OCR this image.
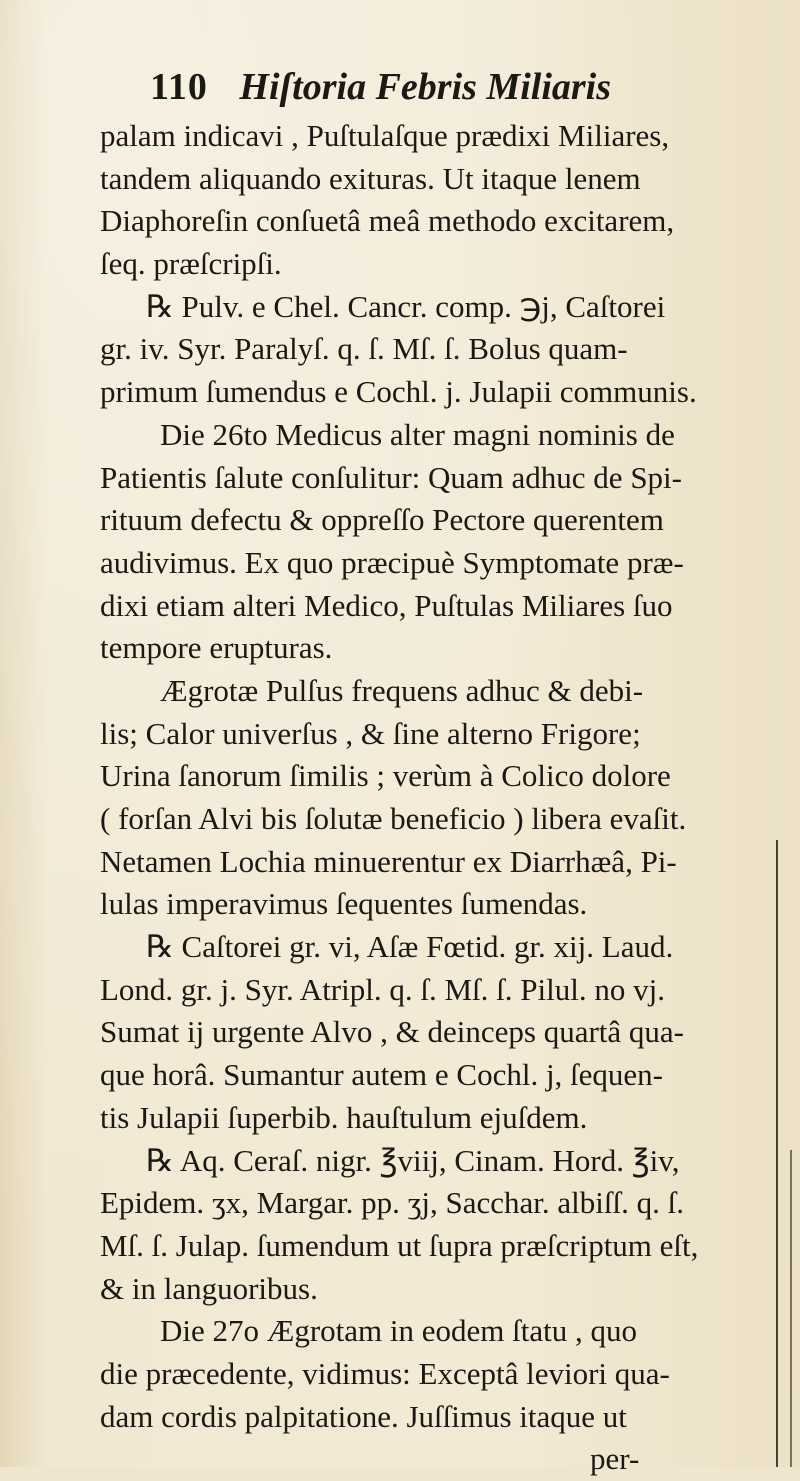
110 Hiſtoria Febris Miliaris
palam indicavi , Puſtulaſque prædixi Miliares,
tandem aliquando exituras. Ut itaque lenem
Diaphoreſin conſuetâ meâ methodo excitarem,
ſeq. præſcripſi.
℞ Pulv. e Chel. Cancr. comp. ℈j, Caſtorei
gr. iv. Syr. Paralyſ. q. ſ. Mſ. ſ. Bolus quam-
primum ſumendus e Cochl. j. Julapii communis.
Die 26to Medicus alter magni nominis de
Patientis ſalute conſulitur: Quam adhuc de Spi-
rituum defectu & oppreſſo Pectore querentem
audivimus. Ex quo præcipuè Symptomate præ-
dixi etiam alteri Medico, Puſtulas Miliares ſuo
tempore erupturas.
Ægrotæ Pulſus frequens adhuc & debi-
lis; Calor univerſus , & ſine alterno Frigore;
Urina ſanorum ſimilis ; verùm à Colico dolore
( forſan Alvi bis ſolutæ beneficio ) libera evaſit.
Netamen Lochia minuerentur ex Diarrhæâ, Pi-
lulas imperavimus ſequentes ſumendas.
℞ Caſtorei gr. vi, Aſæ Fœtid. gr. xij. Laud.
Lond. gr. j. Syr. Atripl. q. ſ. Mſ. ſ. Pilul. no vj.
Sumat ij urgente Alvo , & deinceps quartâ qua-
que horâ. Sumantur autem e Cochl. j, ſequen-
tis Julapii ſuperbib. hauſtulum ejuſdem.
℞ Aq. Ceraſ. nigr. ℥viij, Cinam. Hord. ℥iv,
Epidem. ʒx, Margar. pp. ʒj, Sacchar. albiſſ. q. ſ.
Mſ. ſ. Julap. ſumendum ut ſupra præſcriptum eſt,
& in languoribus.
Die 27o Ægrotam in eodem ſtatu , quo
die præcedente, vidimus: Exceptâ leviori qua-
dam cordis palpitatione. Juſſimus itaque ut
per-
